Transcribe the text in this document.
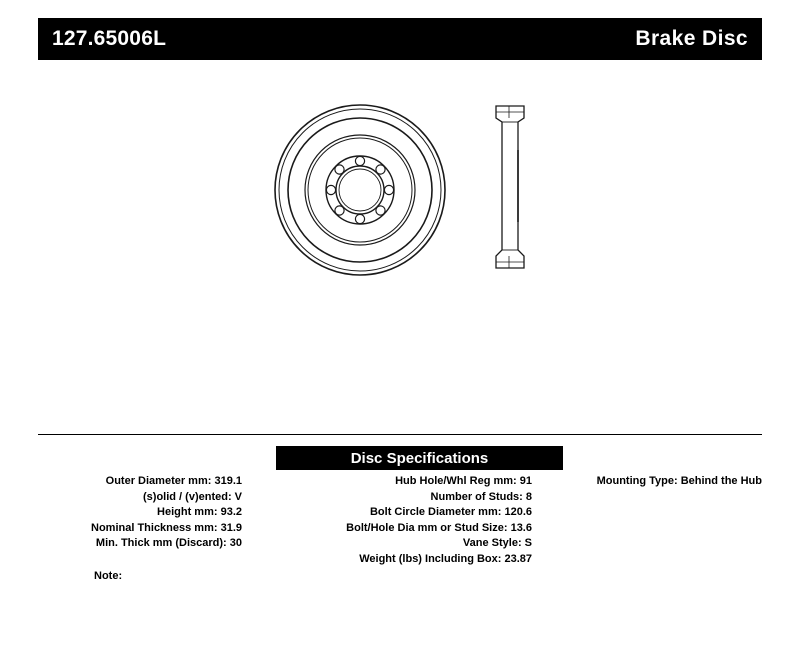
127.65006L	Brake Disc
Disc Specifications
Outer Diameter mm: 319.1
(s)olid / (v)ented: V
Height mm: 93.2
Nominal Thickness mm: 31.9
Min. Thick mm (Discard): 30
Hub Hole/Whl Reg mm: 91
Number of Studs: 8
Bolt Circle Diameter mm: 120.6
Bolt/Hole Dia mm or Stud Size: 13.6
Vane Style: S
Weight (lbs) Including Box: 23.87
Mounting Type: Behind the Hub
Note:
